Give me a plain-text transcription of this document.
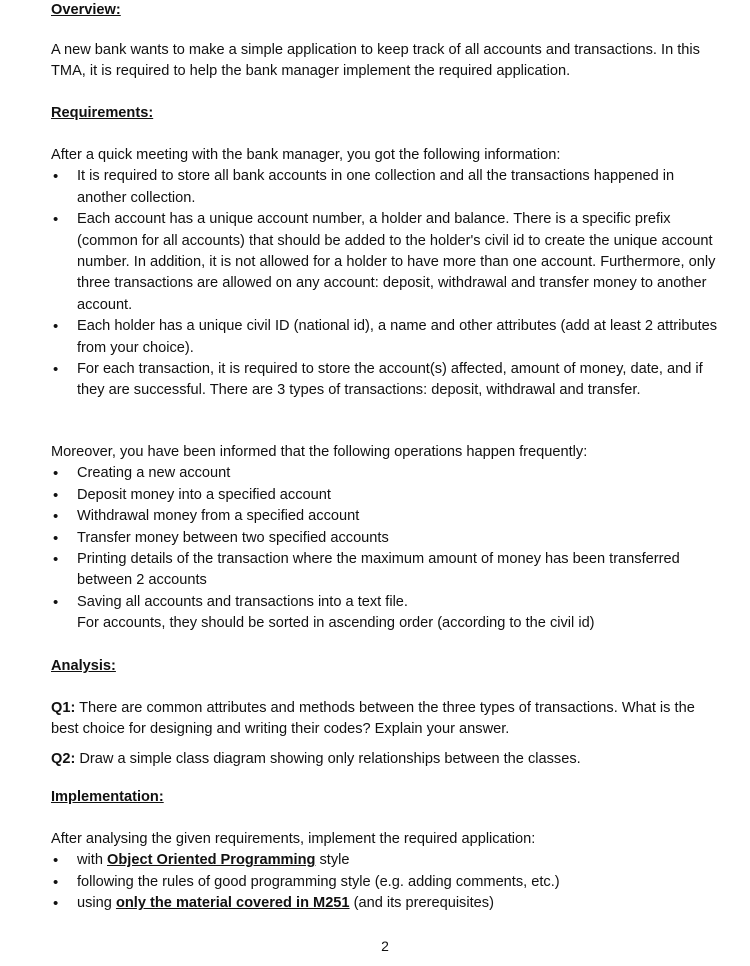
Overview:

A new bank wants to make a simple application to keep track of all accounts and transactions. In this TMA, it is required to help the bank manager implement the required application.

Requirements:

After a quick meeting with the bank manager, you got the following information:

• It is required to store all bank accounts in one collection and all the transactions happened in another collection.
• Each account has a unique account number, a holder and balance. There is a specific prefix (common for all accounts) that should be added to the holder's civil id to create the unique account number. In addition, it is not allowed for a holder to have more than one account. Furthermore, only three transactions are allowed on any account: deposit, withdrawal and transfer money to another account.
• Each holder has a unique civil ID (national id), a name and other attributes (add at least 2 attributes from your choice).
• For each transaction, it is required to store the account(s) affected, amount of money, date, and if they are successful. There are 3 types of transactions: deposit, withdrawal and transfer.

Moreover, you have been informed that the following operations happen frequently:

• Creating a new account
• Deposit money into a specified account
• Withdrawal money from a specified account
• Transfer money between two specified accounts
• Printing details of the transaction where the maximum amount of money has been transferred between 2 accounts
• Saving all accounts and transactions into a text file.
For accounts, they should be sorted in ascending order (according to the civil id)

Analysis:

Q1: There are common attributes and methods between the three types of transactions. What is the best choice for designing and writing their codes? Explain your answer.

Q2: Draw a simple class diagram showing only relationships between the classes.

Implementation:

After analysing the given requirements, implement the required application:

• with Object Oriented Programming style
• following the rules of good programming style (e.g. adding comments, etc.)
• using only the material covered in M251 (and its prerequisites)
2
